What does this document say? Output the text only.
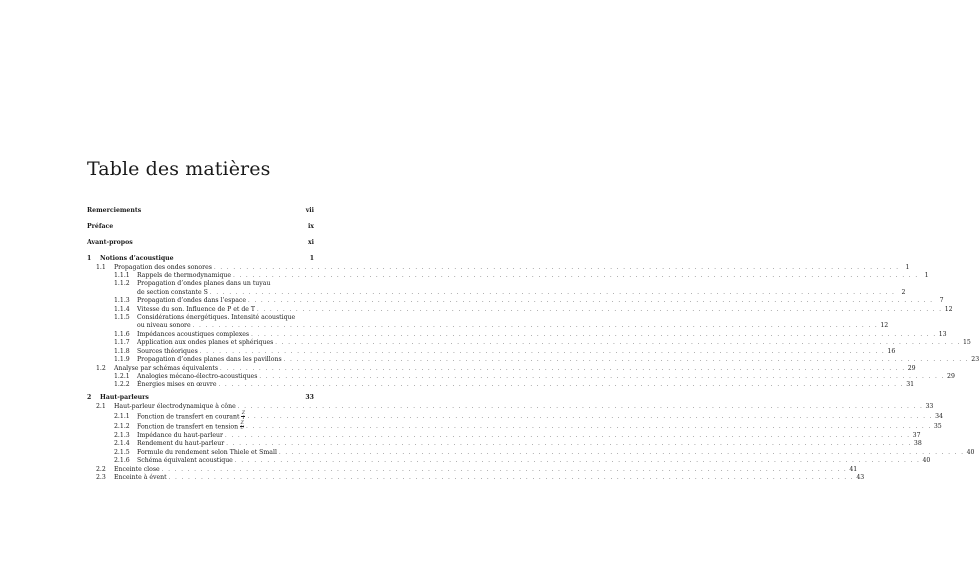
Table des matières
Remerciements	vii
Préface	ix
Avant-propos	xi
1	Notions d’acoustique	1
1.1	Propagation des ondes sonores . . .	1
1.1.1	Rappels de thermodynamique . . .	1
1.1.2	Propagation d’ondes planes dans un tuyau
de section constante S . . .	2
1.1.3	Propagation d’ondes dans l’espace . . .	7
1.1.4	Vitesse du son. Influence de P et de T . . .	12
1.1.5	Considérations énergétiques. Intensité acoustique
ou niveau sonore . . .	12
1.1.6	Impédances acoustiques complexes . . .	13
1.1.7	Application aux ondes planes et sphériques . . .	15
1.1.8	Sources théoriques . . .	16
1.1.9	Propagation d’ondes planes dans les pavillons . . .	23
1.2	Analyse par schémas équivalents . . .	29
1.2.1	Analogies mécano-électro-acoustiques . . .	29
1.2.2	Énergies mises en œuvre . . .	31
2	Haut-parleurs	33
2.1	Haut-parleur électrodynamique à cône . . .	33
2.1.1	Fonction de transfert en courant $\frac{Z}{I}$ . . .	34
2.1.2	Fonction de transfert en tension $\frac{Z}{U}$ . . .	35
2.1.3	Impédance du haut-parleur . . .	37
2.1.4	Rendement du haut-parleur . . .	38
2.1.5	Formule du rendement selon Thiele et Small . . .	40
2.1.6	Schéma équivalent acoustique . . .	40
2.2	Enceinte close . . .	41
2.3	Enceinte à évent . . .	43
